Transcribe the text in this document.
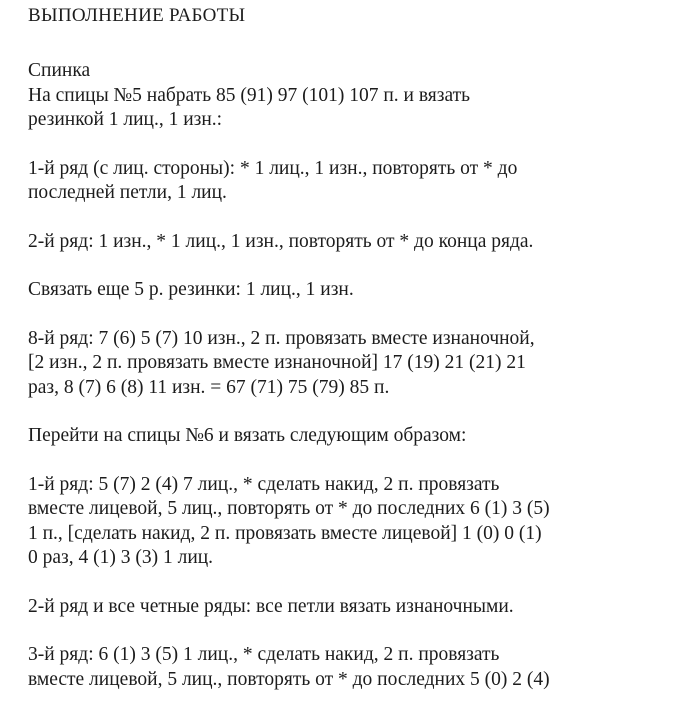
ВЫПОЛНЕНИЕ РАБОТЫ
Спинка
На спицы №5 набрать 85 (91) 97 (101) 107 п. и вязать
резинкой 1 лиц., 1 изн.:
1-й ряд (с лиц. стороны): * 1 лиц., 1 изн., повторять от * до
последней петли, 1 лиц.
2-й ряд: 1 изн., * 1 лиц., 1 изн., повторять от * до конца ряда.
Связать еще 5 р. резинки: 1 лиц., 1 изн.
8-й ряд: 7 (6) 5 (7) 10 изн., 2 п. провязать вместе изнаночной,
[2 изн., 2 п. провязать вместе изнаночной] 17 (19) 21 (21) 21
раз, 8 (7) 6 (8) 11 изн. = 67 (71) 75 (79) 85 п.
Перейти на спицы №6 и вязать следующим образом:
1-й ряд: 5 (7) 2 (4) 7 лиц., * сделать накид, 2 п. провязать
вместе лицевой, 5 лиц., повторять от * до последних 6 (1) 3 (5)
1 п., [сделать накид, 2 п. провязать вместе лицевой] 1 (0) 0 (1)
0 раз, 4 (1) 3 (3) 1 лиц.
2-й ряд и все четные ряды: все петли вязать изнаночными.
3-й ряд: 6 (1) 3 (5) 1 лиц., * сделать накид, 2 п. провязать
вместе лицевой, 5 лиц., повторять от * до последних 5 (0) 2 (4)
